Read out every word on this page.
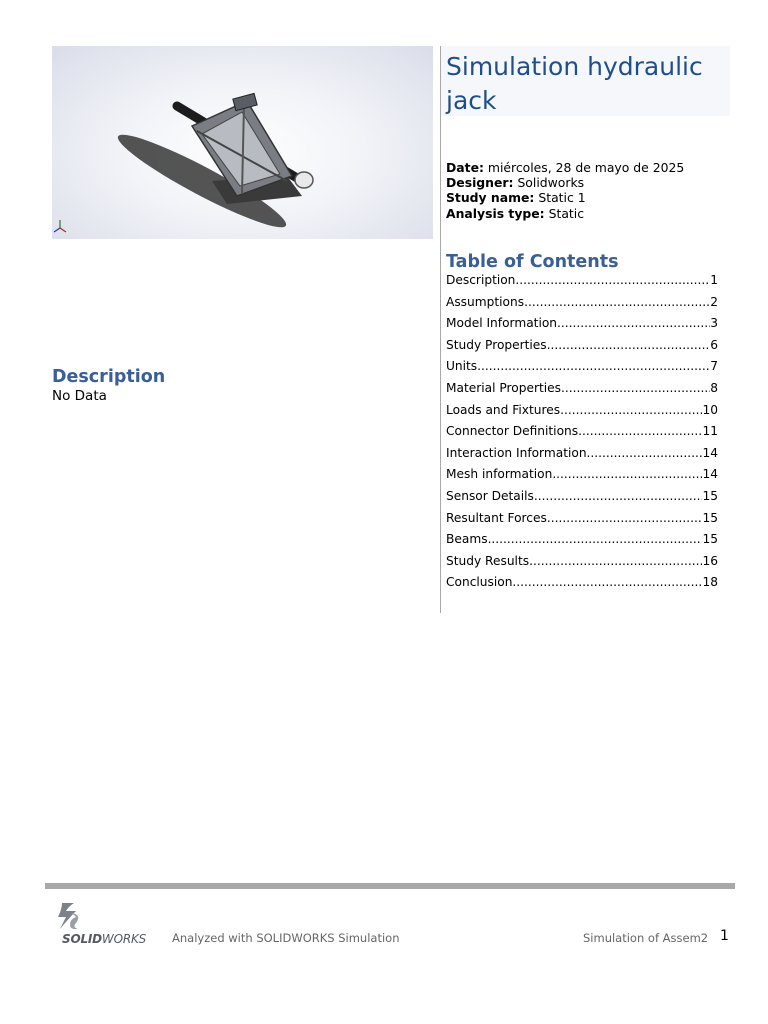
Simulation hydraulic jack
Date: miércoles, 28 de mayo de 2025
Designer: Solidworks
Study name: Static 1
Analysis type: Static
Table of Contents
Description .....	1
Assumptions .....	2
Model Information .....	3
Study Properties .....	6
Units .....	7
Material Properties .....	8
Loads and Fixtures .....	10
Connector Definitions .....	11
Interaction Information .....	14
Mesh information .....	14
Sensor Details .....	15
Resultant Forces .....	15
Beams .....	15
Study Results .....	16
Conclusion .....	18
Description
No Data
SOLIDWORKS Analyzed with SOLIDWORKS Simulation	Simulation of Assem2 1
